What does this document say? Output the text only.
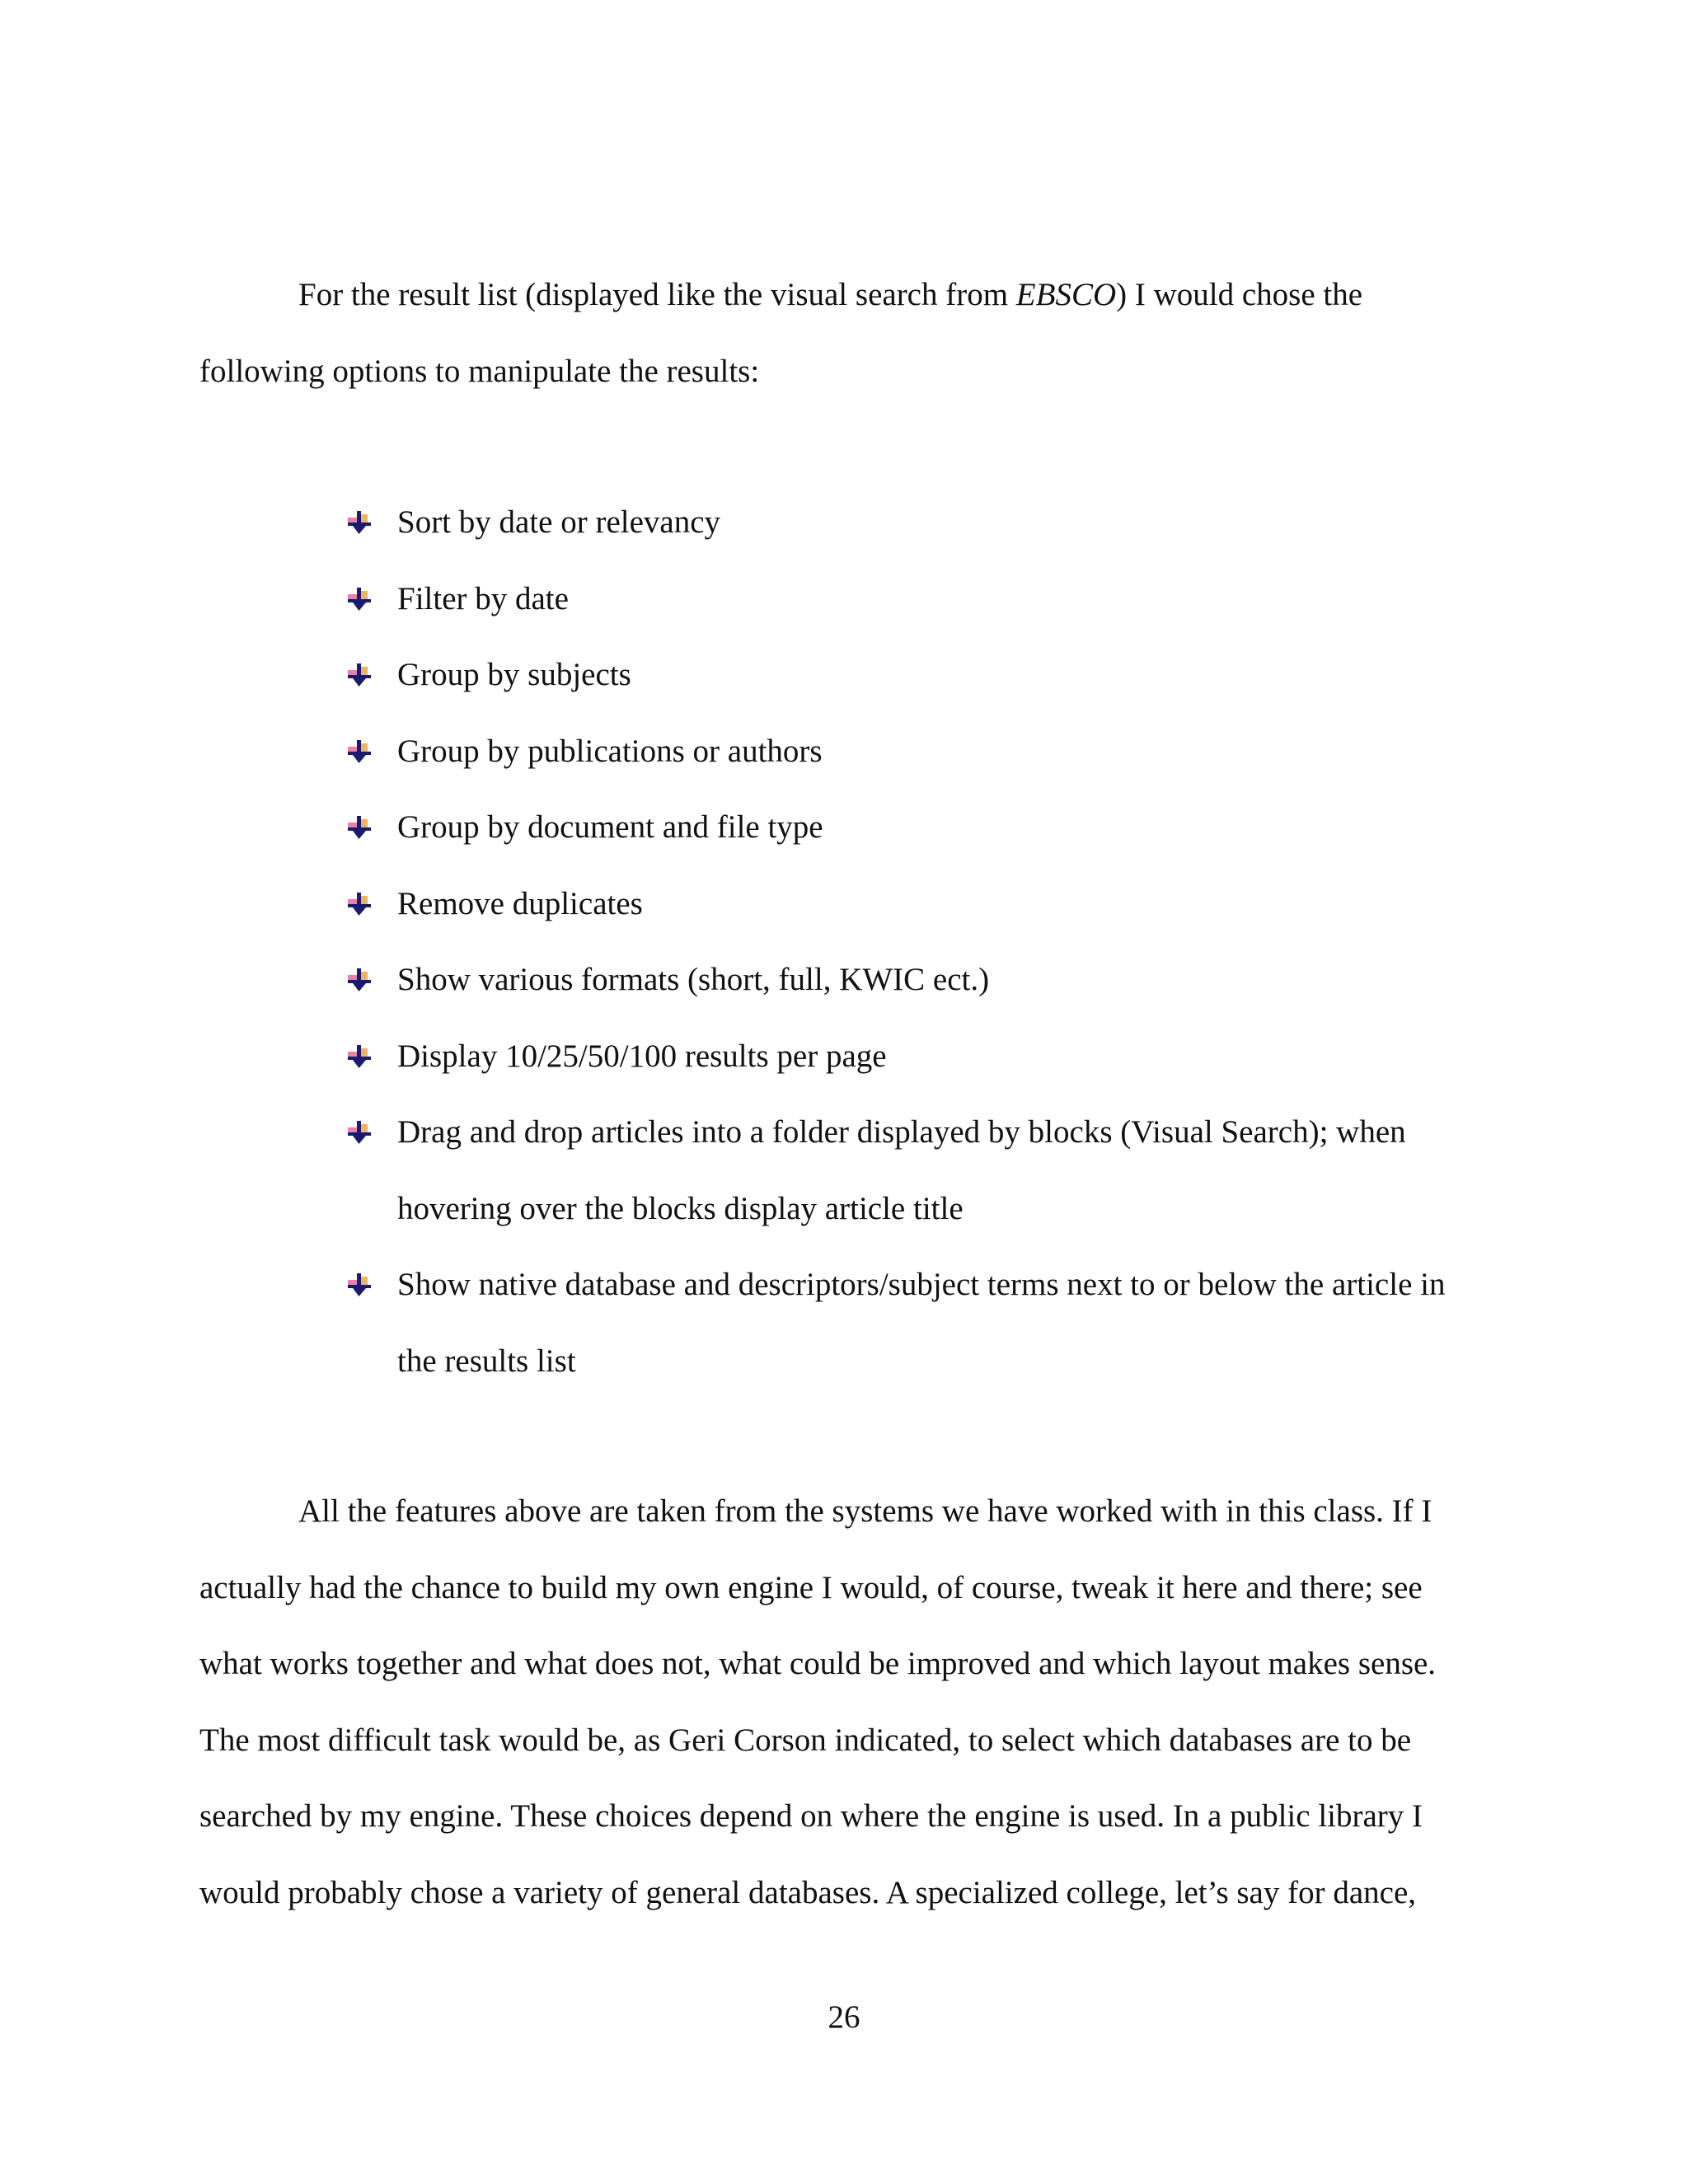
For the result list (displayed like the visual search from EBSCO) I would chose the
following options to manipulate the results:

Sort by date or relevancy
Filter by date
Group by subjects
Group by publications or authors
Group by document and file type
Remove duplicates
Show various formats (short, full, KWIC ect.)
Display 10/25/50/100 results per page
Drag and drop articles into a folder displayed by blocks (Visual Search); when
hovering over the blocks display article title
Show native database and descriptors/subject terms next to or below the article in
the results list

All the features above are taken from the systems we have worked with in this class. If I
actually had the chance to build my own engine I would, of course, tweak it here and there; see
what works together and what does not, what could be improved and which layout makes sense.
The most difficult task would be, as Geri Corson indicated, to select which databases are to be
searched by my engine. These choices depend on where the engine is used. In a public library I
would probably chose a variety of general databases. A specialized college, let’s say for dance,

26
